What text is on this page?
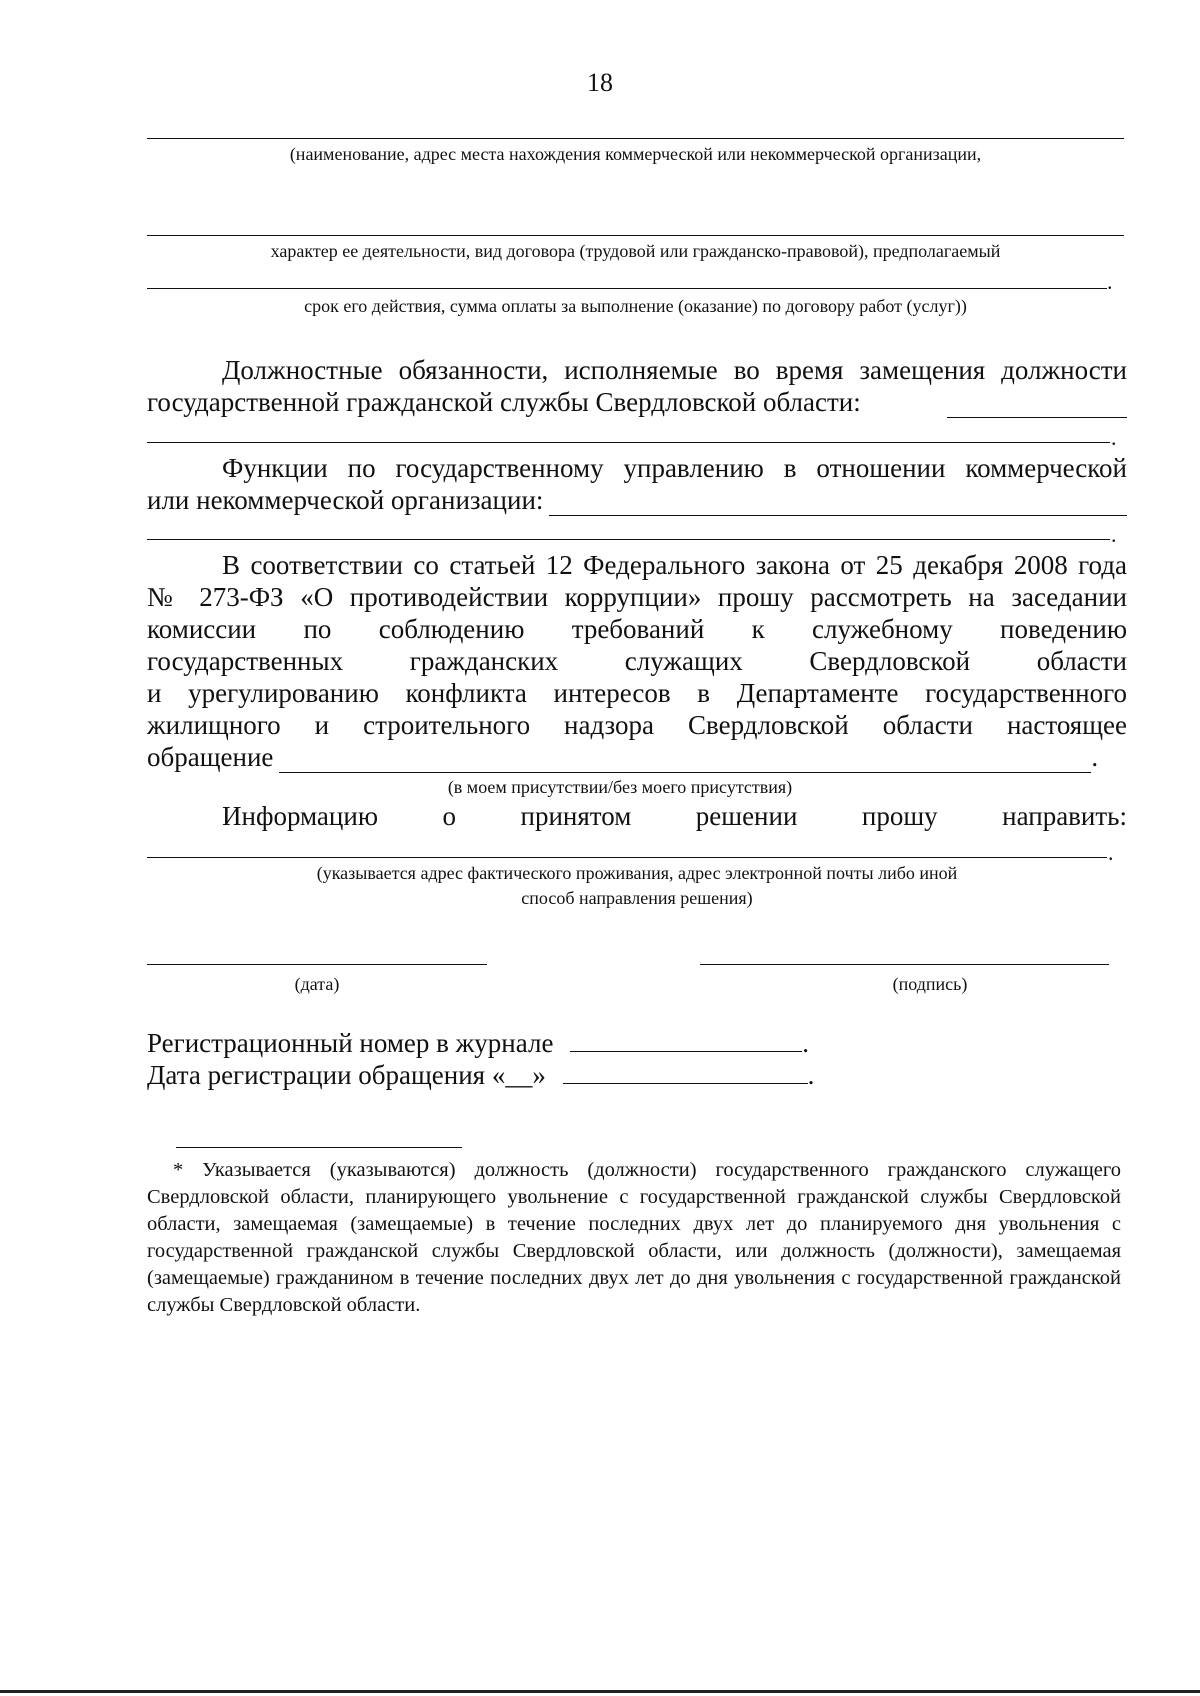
18
(наименование, адрес места нахождения коммерческой или некоммерческой организации,
характер ее деятельности, вид договора (трудовой или гражданско-правовой), предполагаемый
.
срок его действия, сумма оплаты за выполнение (оказание) по договору работ (услуг))
Должностные обязанности, исполняемые во время замещения должности
государственной гражданской службы Свердловской области:
.
Функции по государственному управлению в отношении коммерческой
или некоммерческой организации:
.
В соответствии со статьей 12 Федерального закона от 25 декабря 2008 года
№ 273-ФЗ «О противодействии коррупции» прошу рассмотреть на заседании
комиссии по соблюдению требований к служебному поведению
государственных гражданских служащих Свердловской области
и урегулированию конфликта интересов в Департаменте государственного
жилищного и строительного надзора Свердловской области настоящее
обращение	.
(в моем присутствии/без моего присутствия)
Информацию о принятом решении прошу направить:
.
(указывается адрес фактического проживания, адрес электронной почты либо иной
способ направления решения)
(дата)	(подпись)
Регистрационный номер в журнале	.
Дата регистрации обращения «__»	.
* Указывается (указываются) должность (должности) государственного гражданского служащего Свердловской области, планирующего увольнение с государственной гражданской службы Свердловской области, замещаемая (замещаемые) в течение последних двух лет до планируемого дня увольнения с государственной гражданской службы Свердловской области, или должность (должности), замещаемая (замещаемые) гражданином в течение последних двух лет до дня увольнения с государственной гражданской службы Свердловской области.
